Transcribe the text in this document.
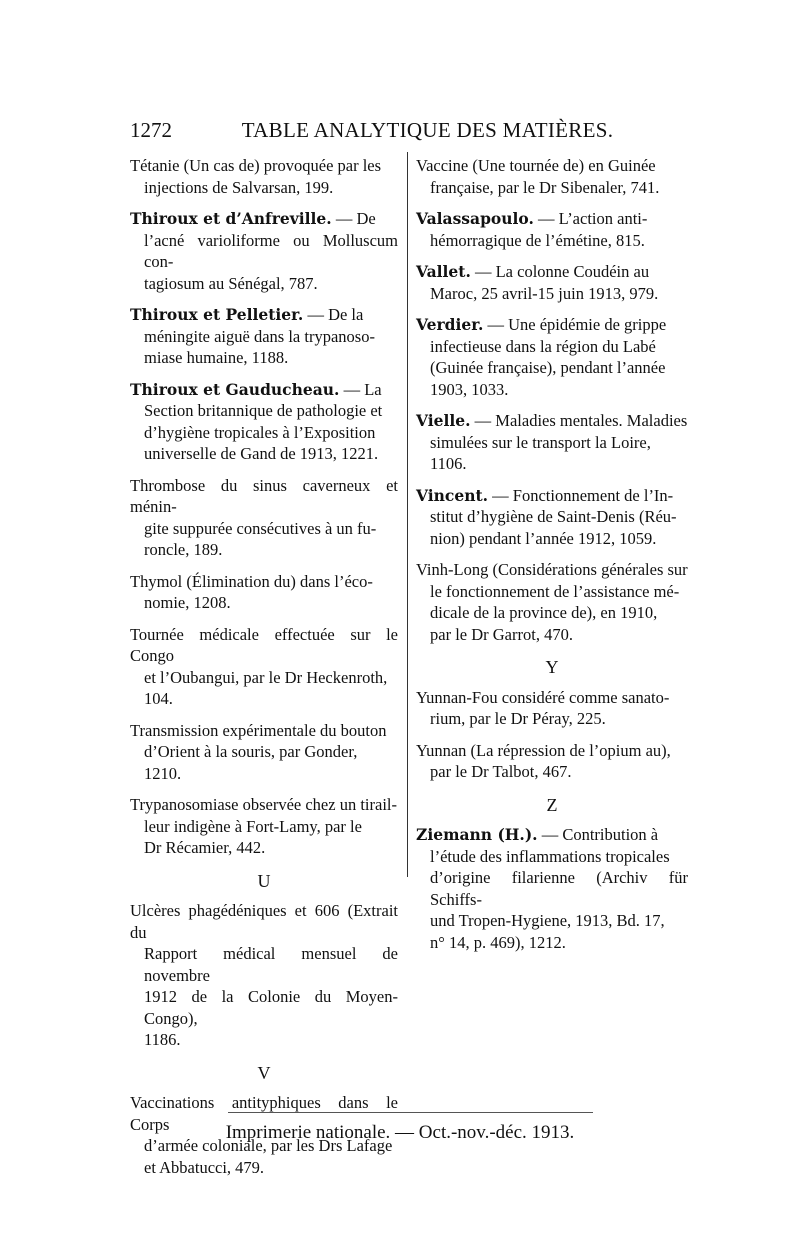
1272	TABLE ANALYTIQUE DES MATIÈRES.
Tétanie (Un cas de) provoquée par les
injections de Salvarsan, 199.
Thiroux et d’Anfreville. — De
l’acné varioliforme ou Molluscum con-
tagiosum au Sénégal, 787.
Thiroux et Pelletier. — De la
méningite aiguë dans la trypanoso-
miase humaine, 1188.
Thiroux et Gauducheau. — La
Section britannique de pathologie et
d’hygiène tropicales à l’Exposition
universelle de Gand de 1913, 1221.
Thrombose du sinus caverneux et ménin-
gite suppurée consécutives à un fu-
roncle, 189.
Thymol (Élimination du) dans l’éco-
nomie, 1208.
Tournée médicale effectuée sur le Congo
et l’Oubangui, par le Dr Heckenroth,
104.
Transmission expérimentale du bouton
d’Orient à la souris, par Gonder,
1210.
Trypanosomiase observée chez un tirail-
leur indigène à Fort-Lamy, par le
Dr Récamier, 442.
U
Ulcères phagédéniques et 606 (Extrait du
Rapport médical mensuel de novembre
1912 de la Colonie du Moyen-Congo),
1186.
V
Vaccinations antityphiques dans le Corps
d’armée coloniale, par les Drs Lafage
et Abbatucci, 479.
Vaccine (Une tournée de) en Guinée
française, par le Dr Sibenaler, 741.
Valassapoulo. — L’action anti-
hémorragique de l’émétine, 815.
Vallet. — La colonne Coudéin au
Maroc, 25 avril-15 juin 1913, 979.
Verdier. — Une épidémie de grippe
infectieuse dans la région du Labé
(Guinée française), pendant l’année
1903, 1033.
Vielle. — Maladies mentales. Maladies
simulées sur le transport la Loire,
1106.
Vincent. — Fonctionnement de l’In-
stitut d’hygiène de Saint-Denis (Réu-
nion) pendant l’année 1912, 1059.
Vinh-Long (Considérations générales sur
le fonctionnement de l’assistance mé-
dicale de la province de), en 1910,
par le Dr Garrot, 470.
Y
Yunnan-Fou considéré comme sanato-
rium, par le Dr Péray, 225.
Yunnan (La répression de l’opium au),
par le Dr Talbot, 467.
Z
Ziemann (H.). — Contribution à
l’étude des inflammations tropicales
d’origine filarienne (Archiv für Schiffs-
und Tropen-Hygiene, 1913, Bd. 17,
n° 14, p. 469), 1212.
Imprimerie nationale. — Oct.-nov.-déc. 1913.
